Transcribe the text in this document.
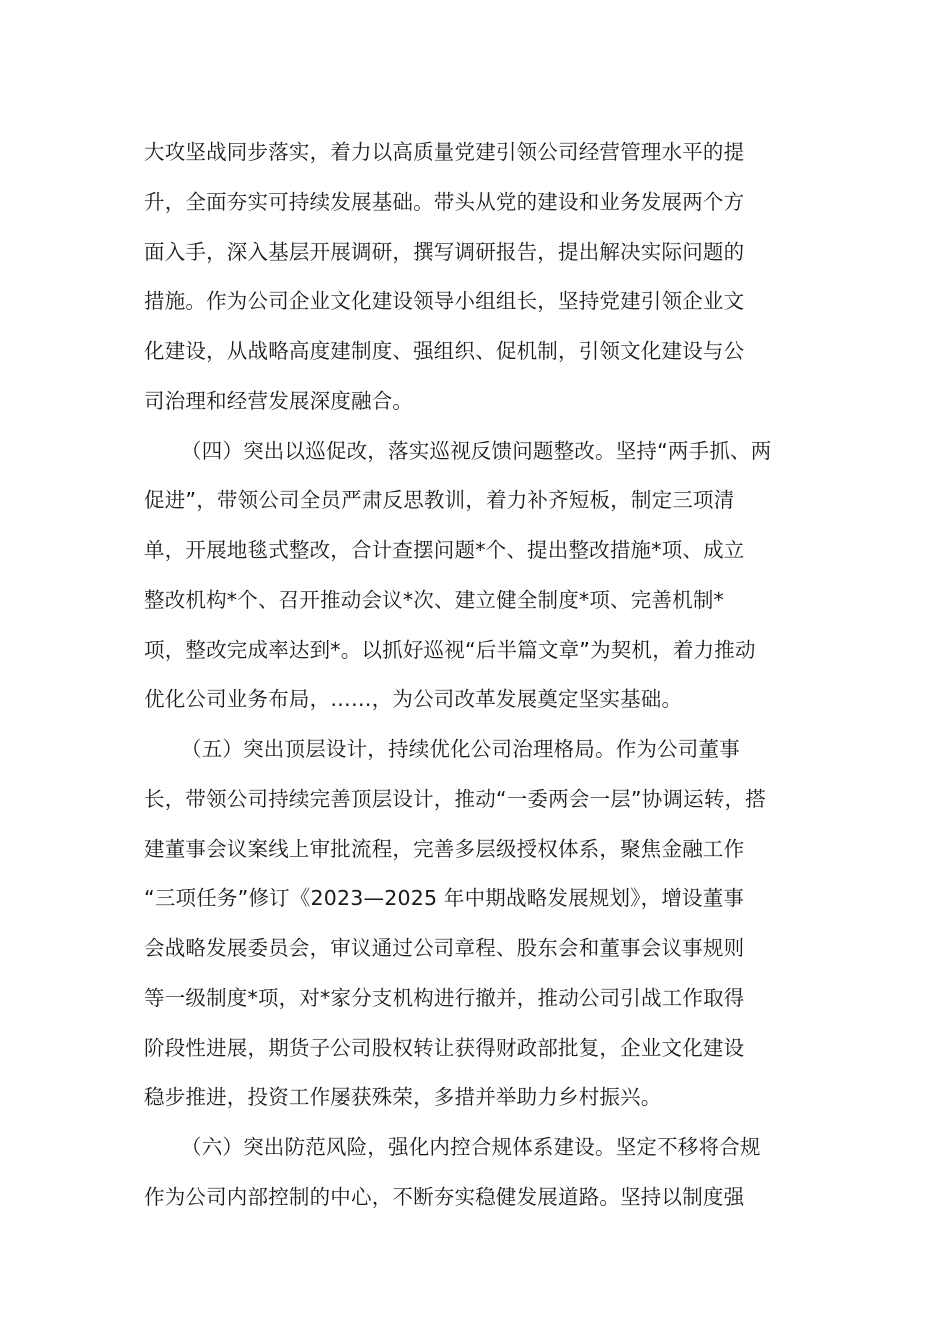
大攻坚战同步落实，着力以高质量党建引领公司经营管理水平的提
升，全面夯实可持续发展基础。带头从党的建设和业务发展两个方
面入手，深入基层开展调研，撰写调研报告，提出解决实际问题的
措施。作为公司企业文化建设领导小组组长，坚持党建引领企业文
化建设，从战略高度建制度、强组织、促机制，引领文化建设与公
司治理和经营发展深度融合。
（四）突出以巡促改，落实巡视反馈问题整改。坚持“两手抓、两
促进”，带领公司全员严肃反思教训，着力补齐短板，制定三项清
单，开展地毯式整改，合计查摆问题*个、提出整改措施*项、成立
整改机构*个、召开推动会议*次、建立健全制度*项、完善机制*
项，整改完成率达到*。以抓好巡视“后半篇文章”为契机，着力推动
优化公司业务布局，……，为公司改革发展奠定坚实基础。
（五）突出顶层设计，持续优化公司治理格局。作为公司董事
长，带领公司持续完善顶层设计，推动“一委两会一层”协调运转，搭
建董事会议案线上审批流程，完善多层级授权体系，聚焦金融工作
“三项任务”修订《2023—2025 年中期战略发展规划》，增设董事
会战略发展委员会，审议通过公司章程、股东会和董事会议事规则
等一级制度*项，对*家分支机构进行撤并，推动公司引战工作取得
阶段性进展，期货子公司股权转让获得财政部批复，企业文化建设
稳步推进，投资工作屡获殊荣，多措并举助力乡村振兴。
（六）突出防范风险，强化内控合规体系建设。坚定不移将合规
作为公司内部控制的中心，不断夯实稳健发展道路。坚持以制度强
